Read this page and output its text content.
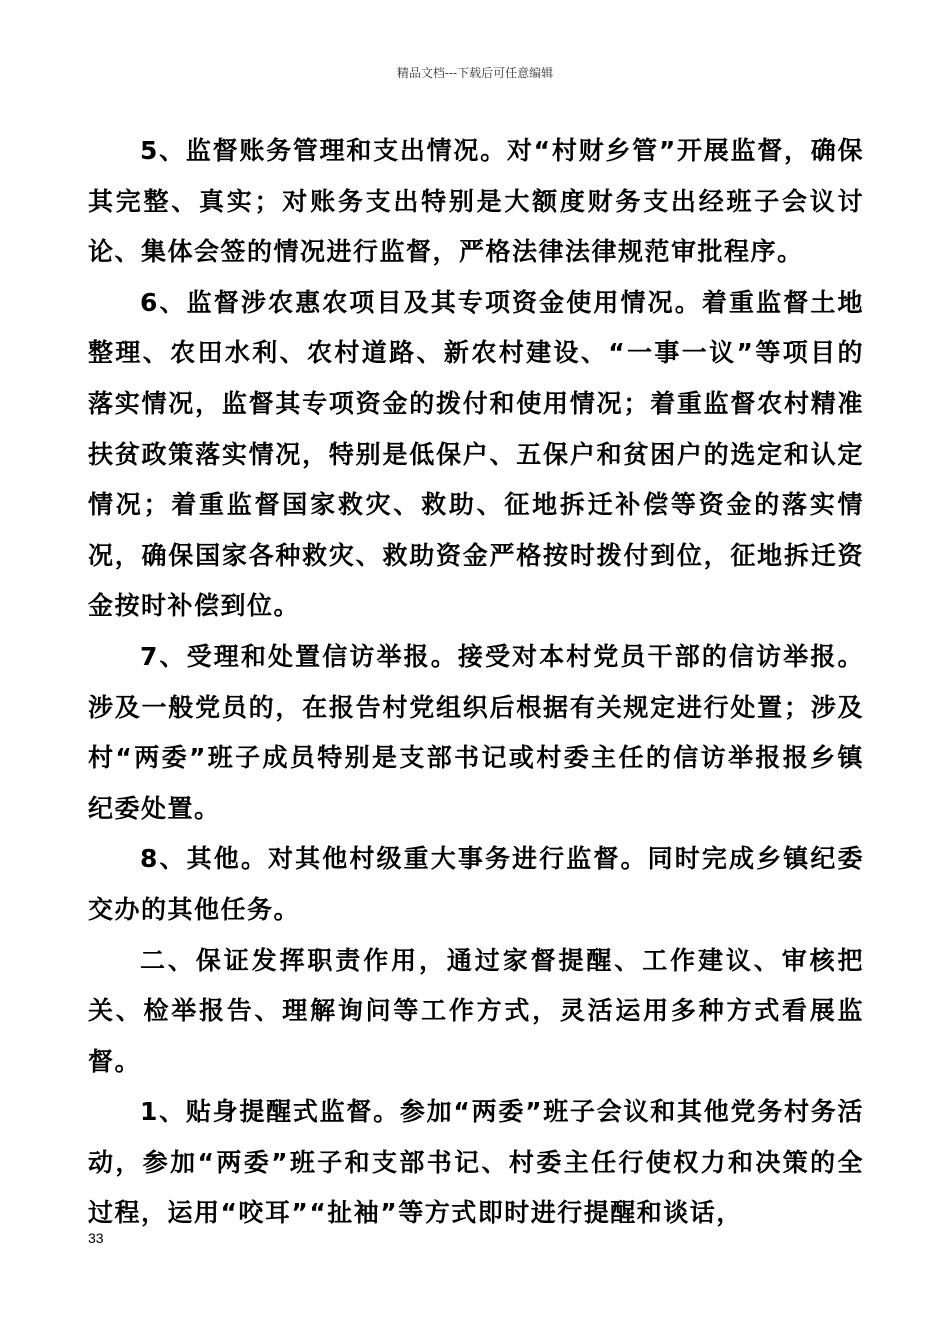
精品文档---下载后可任意编辑

5、监督账务管理和支出情况。对“村财乡管”开展监督，确保其完整、真实；对账务支出特别是大额度财务支出经班子会议讨论、集体会签的情况进行监督，严格法律法律规范审批程序。

6、监督涉农惠农项目及其专项资金使用情况。着重监督土地整理、农田水利、农村道路、新农村建设、“一事一议”等项目的落实情况，监督其专项资金的拨付和使用情况；着重监督农村精准扶贫政策落实情况，特别是低保户、五保户和贫困户的选定和认定情况；着重监督国家救灾、救助、征地拆迁补偿等资金的落实情况，确保国家各种救灾、救助资金严格按时拨付到位，征地拆迁资金按时补偿到位。

7、受理和处置信访举报。接受对本村党员干部的信访举报。涉及一般党员的，在报告村党组织后根据有关规定进行处置；涉及村“两委”班子成员特别是支部书记或村委主任的信访举报报乡镇纪委处置。

8、其他。对其他村级重大事务进行监督。同时完成乡镇纪委交办的其他任务。

二、保证发挥职责作用，通过家督提醒、工作建议、审核把关、检举报告、理解询问等工作方式，灵活运用多种方式看展监督。

1、贴身提醒式监督。参加“两委”班子会议和其他党务村务活动，参加“两委”班子和支部书记、村委主任行使权力和决策的全过程，运用“咬耳”“扯袖”等方式即时进行提醒和谈话，

33
